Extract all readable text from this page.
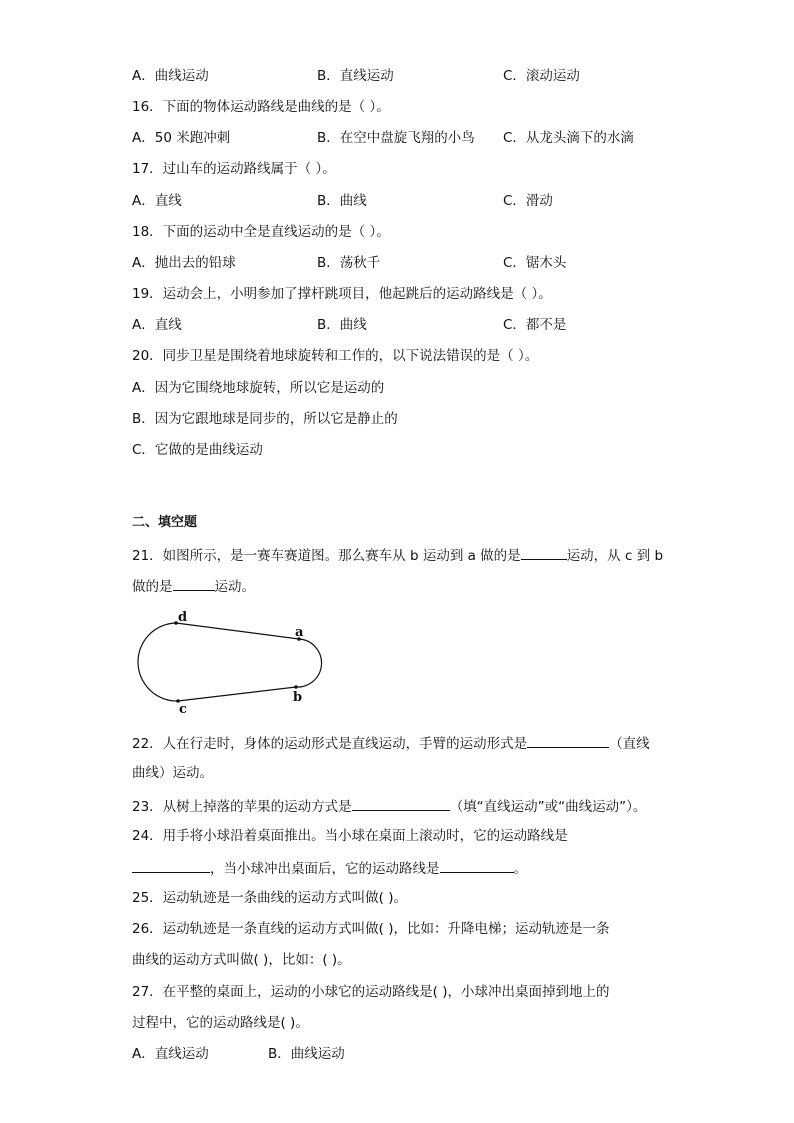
A．曲线运动	B．直线运动	C．滚动运动
16．下面的物体运动路线是曲线的是（ ）。
A．50 米跑冲刺	B．在空中盘旋飞翔的小鸟 C．从龙头滴下的水滴
17．过山车的运动路线属于（ ）。
A．直线	B．曲线	C．滑动
18．下面的运动中全是直线运动的是（ ）。
A．抛出去的铅球	B．荡秋千	C．锯木头
19．运动会上，小明参加了撑杆跳项目，他起跳后的运动路线是（ ）。
A．直线	B．曲线	C．都不是
20．同步卫星是围绕着地球旋转和工作的，以下说法错误的是（ ）。
A．因为它围绕地球旋转，所以它是运动的
B．因为它跟地球是同步的，所以它是静止的
C．它做的是曲线运动
二、填空题
21．如图所示，是一赛车赛道图。那么赛车从 b 运动到 a 做的是	运动，从 c 到 b
做的是	运动。
d
a
b
c
22．人在行走时，身体的运动形式是直线运动，手臂的运动形式是	（直线
曲线）运动。
23．从树上掉落的苹果的运动方式是	（填“直线运动”或“曲线运动”）。
24．用手将小球沿着桌面推出。当小球在桌面上滚动时，它的运动路线是
，当小球冲出桌面后，它的运动路线是	。
25．运动轨迹是一条曲线的运动方式叫做( )。
26．运动轨迹是一条直线的运动方式叫做( )，比如：升降电梯；运动轨迹是一条
曲线的运动方式叫做( )，比如：( )。
27．在平整的桌面上，运动的小球它的运动路线是( )，小球冲出桌面掉到地上的
过程中，它的运动路线是( )。
A．直线运动	B．曲线运动
